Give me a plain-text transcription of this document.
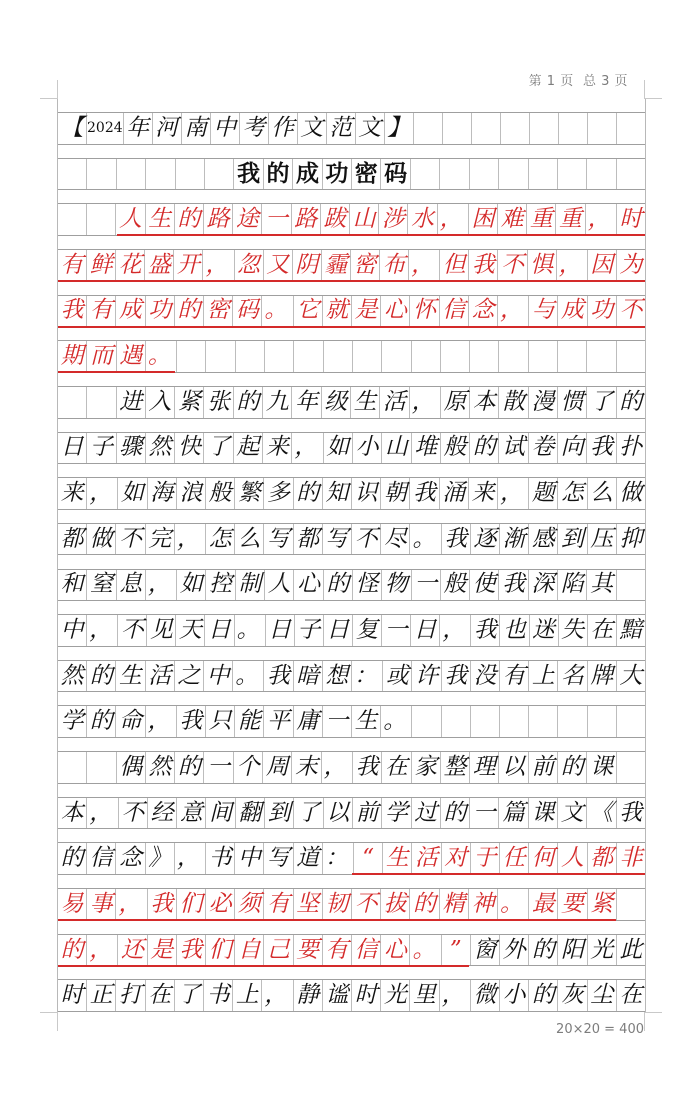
第 1 页  总 3 页
【 2024 年 河 南 中 考 作 文 范 文 】
我 的 成 功 密 码
人 生 的 路 途 一 路 跋 山 涉 水 ， 困 难 重 重 ， 时
有 鲜 花 盛 开 ， 忽 又 阴 霾 密 布 ， 但 我 不 惧 ， 因 为
我 有 成 功 的 密 码 。 它 就 是 心 怀 信 念 ， 与 成 功 不
期 而 遇 。
进 入 紧 张 的 九 年 级 生 活 ， 原 本 散 漫 惯 了 的
日 子 骤 然 快 了 起 来 ， 如 小 山 堆 般 的 试 卷 向 我 扑
来 ， 如 海 浪 般 繁 多 的 知 识 朝 我 涌 来 ， 题 怎 么 做
都 做 不 完 ， 怎 么 写 都 写 不 尽 。 我 逐 渐 感 到 压 抑
和 窒 息 ， 如 控 制 人 心 的 怪 物 一 般 使 我 深 陷 其
中 ， 不 见 天 日 。 日 子 日 复 一 日 ， 我 也 迷 失 在 黯
然 的 生 活 之 中 。 我 暗 想 ： 或 许 我 没 有 上 名 牌 大
学 的 命 ， 我 只 能 平 庸 一 生 。
偶 然 的 一 个 周 末 ， 我 在 家 整 理 以 前 的 课
本 ， 不 经 意 间 翻 到 了 以 前 学 过 的 一 篇 课 文 《 我
的 信 念 》 ， 书 中 写 道 ： “ 生 活 对 于 任 何 人 都 非
易 事 ， 我 们 必 须 有 坚 韧 不 拔 的 精 神 。 最 要 紧
的 ， 还 是 我 们 自 己 要 有 信 心 。 ” 窗 外 的 阳 光 此
时 正 打 在 了 书 上 ， 静 谧 时 光 里 ， 微 小 的 灰 尘 在
20×20 = 400
